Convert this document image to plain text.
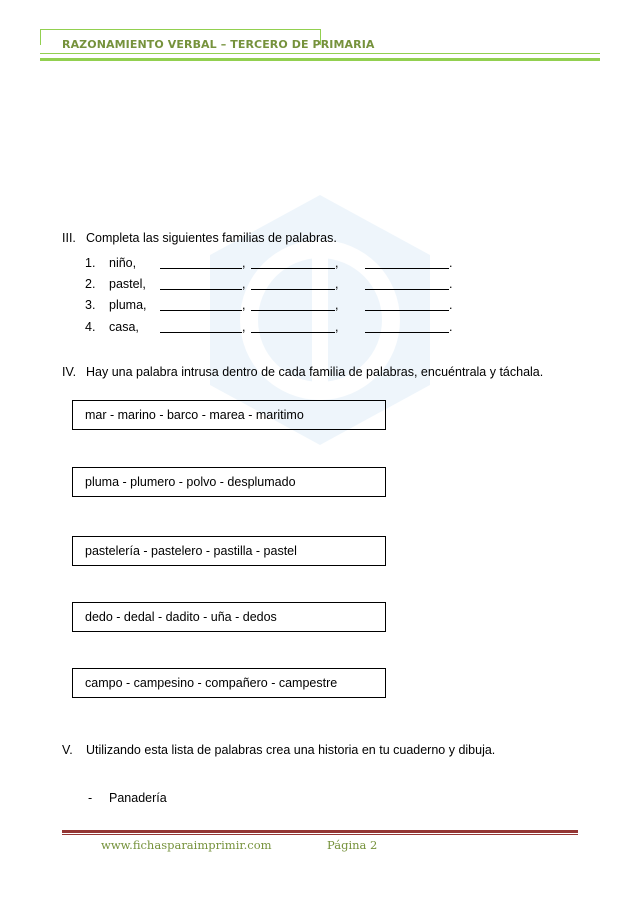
RAZONAMIENTO VERBAL – TERCERO DE PRIMARIA
III. Completa las siguientes familias de palabras.
1. niño,	,	,	.
2. pastel,	,	,	.
3. pluma,	,	,	.
4. casa,	,	,	.
IV. Hay una palabra intrusa dentro de cada familia de palabras, encuéntrala y táchala.
mar - marino - barco - marea - maritimo
pluma - plumero - polvo - desplumado
pastelería - pastelero - pastilla - pastel
dedo - dedal - dadito - uña - dedos
campo - campesino - compañero - campestre
V. Utilizando esta lista de palabras crea una historia en tu cuaderno y dibuja.
- Panadería
www.fichasparaimprimir.com	Página 2
